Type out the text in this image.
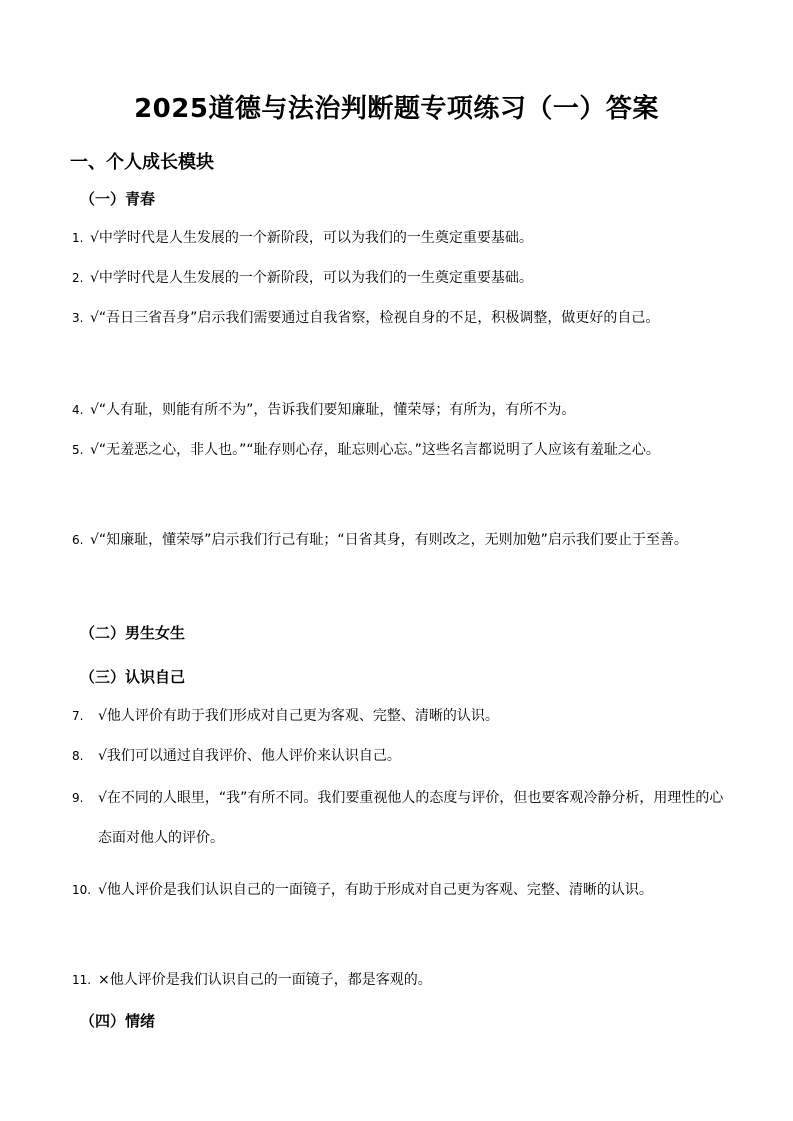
2025道德与法治判断题专项练习（一）答案
一、个人成长模块
（一）青春
1. √中学时代是人生发展的一个新阶段，可以为我们的一生奠定重要基础。
2. √中学时代是人生发展的一个新阶段，可以为我们的一生奠定重要基础。
3. √“吾日三省吾身”启示我们需要通过自我省察，检视自身的不足，积极调整，做更好的自己。
4. √“人有耻，则能有所不为”，告诉我们要知廉耻，懂荣辱；有所为，有所不为。
5. √“无羞恶之心，非人也。”“耻存则心存，耻忘则心忘。”这些名言都说明了人应该有羞耻之心。
6. √“知廉耻，懂荣辱”启示我们行己有耻；“日省其身，有则改之，无则加勉”启示我们要止于至善。
（二）男生女生
（三）认识自己
7.	√他人评价有助于我们形成对自己更为客观、完整、清晰的认识。
8.	√我们可以通过自我评价、他人评价来认识自己。
9.	√在不同的人眼里，“我”有所不同。我们要重视他人的态度与评价，但也要客观冷静分析，用理性的心态面对他人的评价。
10. √他人评价是我们认识自己的一面镜子，有助于形成对自己更为客观、完整、清晰的认识。
11. ×他人评价是我们认识自己的一面镜子，都是客观的。
（四）情绪
